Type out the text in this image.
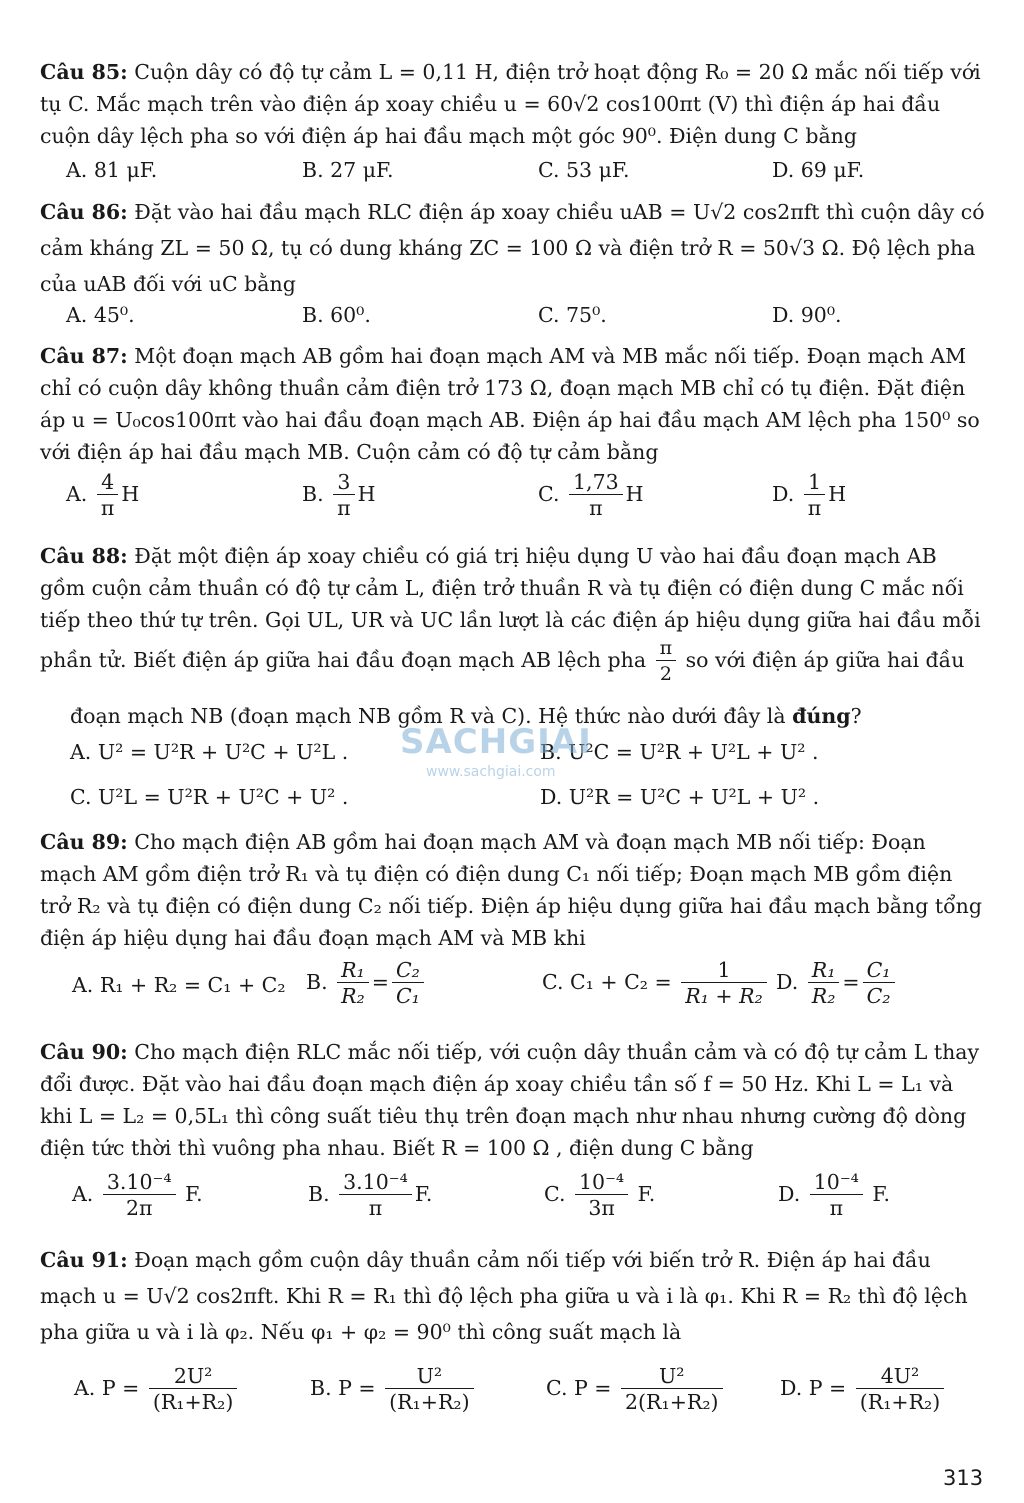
Câu 85: Cuộn dây có độ tự cảm L = 0,11 H, điện trở hoạt động R₀ = 20 Ω mắc nối tiếp với tụ C. Mắc mạch trên vào điện áp xoay chiều u = 60√2 cos100πt (V) thì điện áp hai đầu cuộn dây lệch pha so với điện áp hai đầu mạch một góc 90⁰. Điện dung C bằng
A. 81 μF.	B. 27 μF.	C. 53 μF.	D. 69 μF.
Câu 86: Đặt vào hai đầu mạch RLC điện áp xoay chiều uAB = U√2 cos2πft thì cuộn dây có cảm kháng ZL = 50 Ω, tụ có dung kháng ZC = 100 Ω và điện trở R = 50√3 Ω. Độ lệch pha của uAB đối với uC bằng
A. 45⁰.	B. 60⁰.	C. 75⁰.	D. 90⁰.
Câu 87: Một đoạn mạch AB gồm hai đoạn mạch AM và MB mắc nối tiếp. Đoạn mạch AM chỉ có cuộn dây không thuần cảm điện trở 173 Ω, đoạn mạch MB chỉ có tụ điện. Đặt điện áp u = U₀cos100πt vào hai đầu đoạn mạch AB. Điện áp hai đầu mạch AM lệch pha 150⁰ so với điện áp hai đầu mạch MB. Cuộn cảm có độ tự cảm bằng
A. $\frac{4}{\pi}$ H	B. $\frac{3}{\pi}$ H	C. $\frac{1,73}{\pi}$ H	D. $\frac{1}{\pi}$ H
Câu 88: Đặt một điện áp xoay chiều có giá trị hiệu dụng U vào hai đầu đoạn mạch AB gồm cuộn cảm thuần có độ tự cảm L, điện trở thuần R và tụ điện có điện dung C mắc nối tiếp theo thứ tự trên. Gọi UL, UR và UC lần lượt là các điện áp hiệu dụng giữa hai đầu mỗi phần tử. Biết điện áp giữa hai đầu đoạn mạch AB lệch pha $\frac{\pi}{2}$ so với điện áp giữa hai đầu
đoạn mạch NB (đoạn mạch NB gồm R và C). Hệ thức nào dưới đây là đúng?
A. U² = U²R + U²C + U²L .	B. U²C = U²R + U²L + U² .
C. U²L = U²R + U²C + U² .	D. U²R = U²C + U²L + U² .
Câu 89: Cho mạch điện AB gồm hai đoạn mạch AM và đoạn mạch MB nối tiếp: Đoạn mạch AM gồm điện trở R₁ và tụ điện có điện dung C₁ nối tiếp; Đoạn mạch MB gồm điện trở R₂ và tụ điện có điện dung C₂ nối tiếp. Điện áp hiệu dụng giữa hai đầu mạch bằng tổng điện áp hiệu dụng hai đầu đoạn mạch AM và MB khi
A. R₁ + R₂ = C₁ + C₂ B. $\frac{\text{R₁}}{\text{R₂}} = \frac{\text{C₂}}{\text{C₁}}$	C. $C_1 + C_2 = \frac{1}{\text{R₁ + R₂}} D$. $\frac{\text{R₁}}{\text{R₂}} = \frac{\text{C₁}}{\text{C₂}}$
Câu 90: Cho mạch điện RLC mắc nối tiếp, với cuộn dây thuần cảm và có độ tự cảm L thay đổi được. Đặt vào hai đầu đoạn mạch điện áp xoay chiều tần số f = 50 Hz. Khi L = L₁ và khi L = L₂ = 0,5L₁ thì công suất tiêu thụ trên đoạn mạch như nhau nhưng cường độ dòng điện tức thời thì vuông pha nhau. Biết R = 100 Ω , điện dung C bằng
A. $\frac{\text{3.10⁻⁴}}{2\pi} F$.	B. $\frac{\text{3.10⁻⁴}}{\pi} F$.	C. $\frac{\text{10⁻⁴}}{3\pi} F$.	D. $\frac{\text{10⁻⁴}}{\pi} F$.
Câu 91: Đoạn mạch gồm cuộn dây thuần cảm nối tiếp với biến trở R. Điện áp hai đầu mạch u = U√2 cos2πft. Khi R = R₁ thì độ lệch pha giữa u và i là φ₁. Khi R = R₂ thì độ lệch pha giữa u và i là φ₂. Nếu φ₁ + φ₂ = 90⁰ thì công suất mạch là
A. $P = \frac{\text{2U²}}{\text{(R₁+R₂)}}$	B. $P = \frac{\text{U²}}{\text{(R₁+R₂)}}$	C. $P = \frac{\text{U²}}{\text{2(R₁+R₂)}}$	D. $P = \frac{\text{4U²}}{\text{(R₁+R₂)}}$
SACHGIAI
www.sachgiai.com
313
